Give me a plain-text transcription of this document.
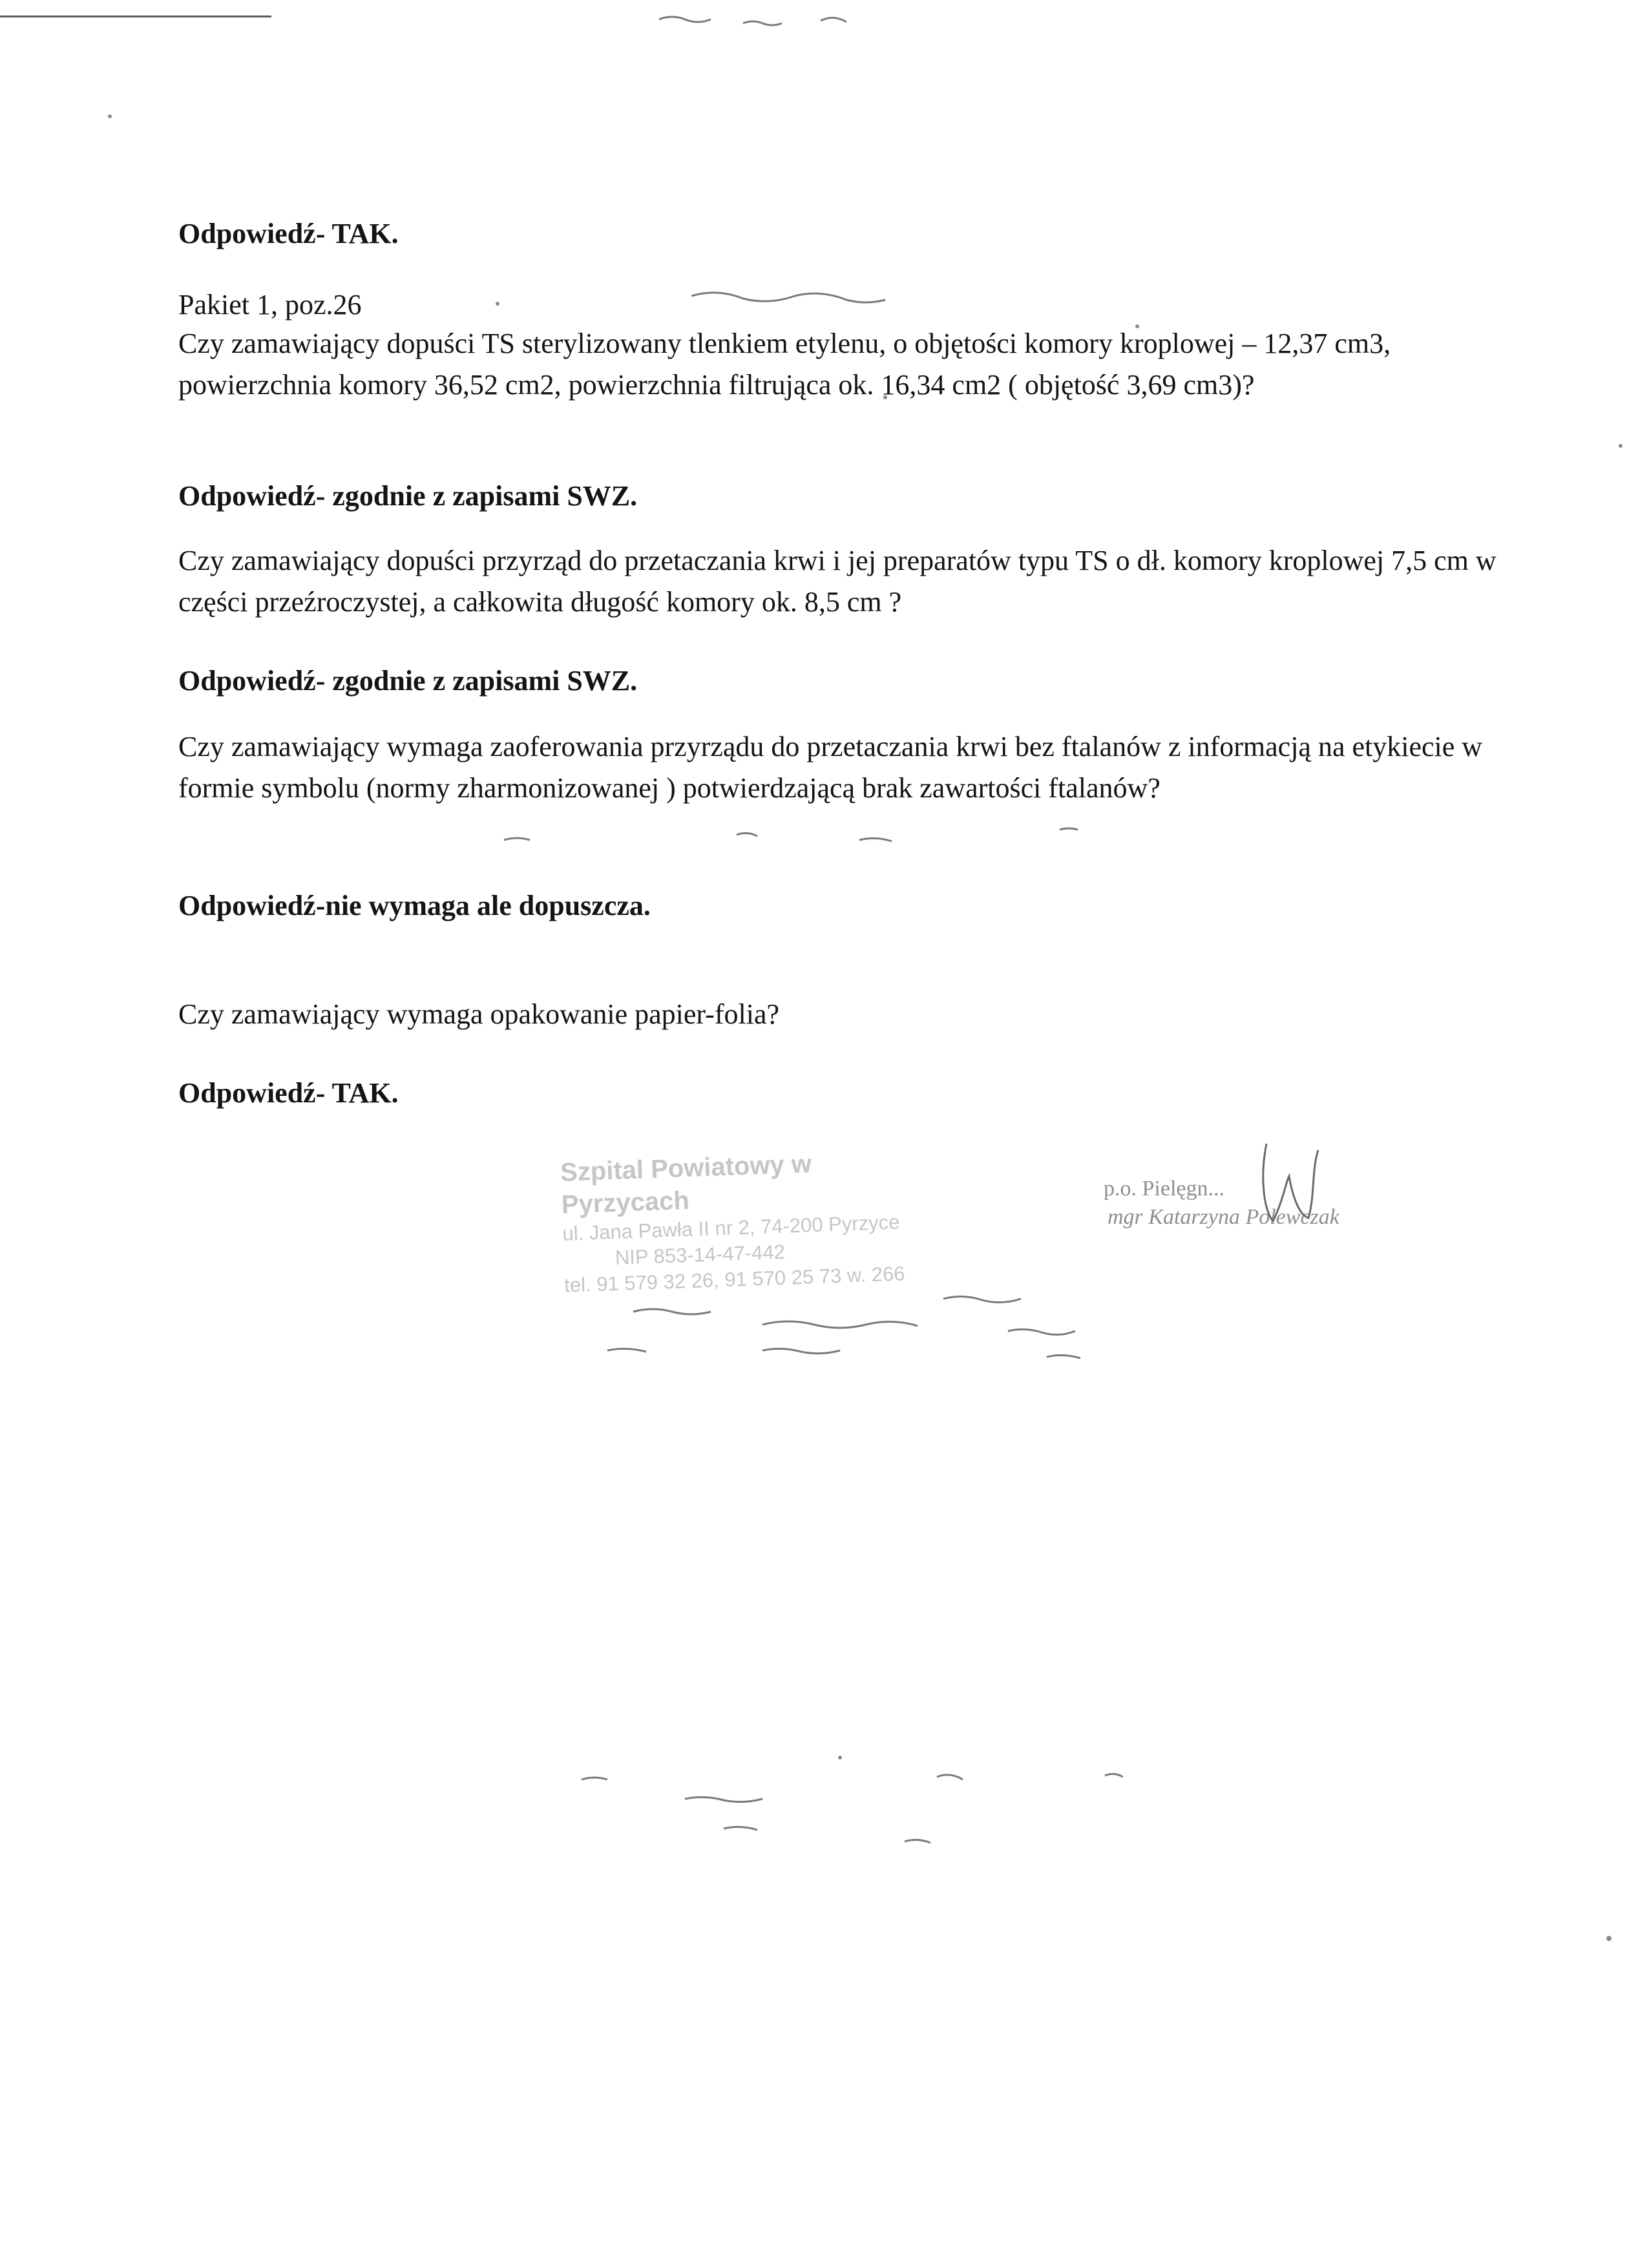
Odpowiedź- TAK.

Pakiet 1, poz.26

Czy zamawiający dopuści TS sterylizowany tlenkiem etylenu, o objętości komory kroplowej – 12,37 cm3, powierzchnia komory 36,52 cm2, powierzchnia filtrująca ok. 16,34 cm2 ( objętość 3,69 cm3)?

Odpowiedź- zgodnie z zapisami SWZ.

Czy zamawiający dopuści przyrząd do przetaczania krwi i jej preparatów typu TS o dł. komory kroplowej 7,5 cm w części przeźroczystej, a całkowita długość komory ok. 8,5 cm ?

Odpowiedź- zgodnie z zapisami SWZ.

Czy zamawiający wymaga zaoferowania przyrządu do przetaczania krwi bez ftalanów z informacją na etykiecie w formie symbolu (normy zharmonizowanej ) potwierdzającą brak zawartości ftalanów?

Odpowiedź-nie wymaga ale dopuszcza.

Czy zamawiający wymaga opakowanie papier-folia?

Odpowiedź- TAK.

Szpital Powiatowy w Pyrzycach
ul. Jana Pawła II nr 2, 74-200 Pyrzyce
NIP 853-14-47-442
tel. 91 579 32 26, 91 570 25 73 w. 266
p.o. Pielęgn...
mgr Katarzyna Polewczak
